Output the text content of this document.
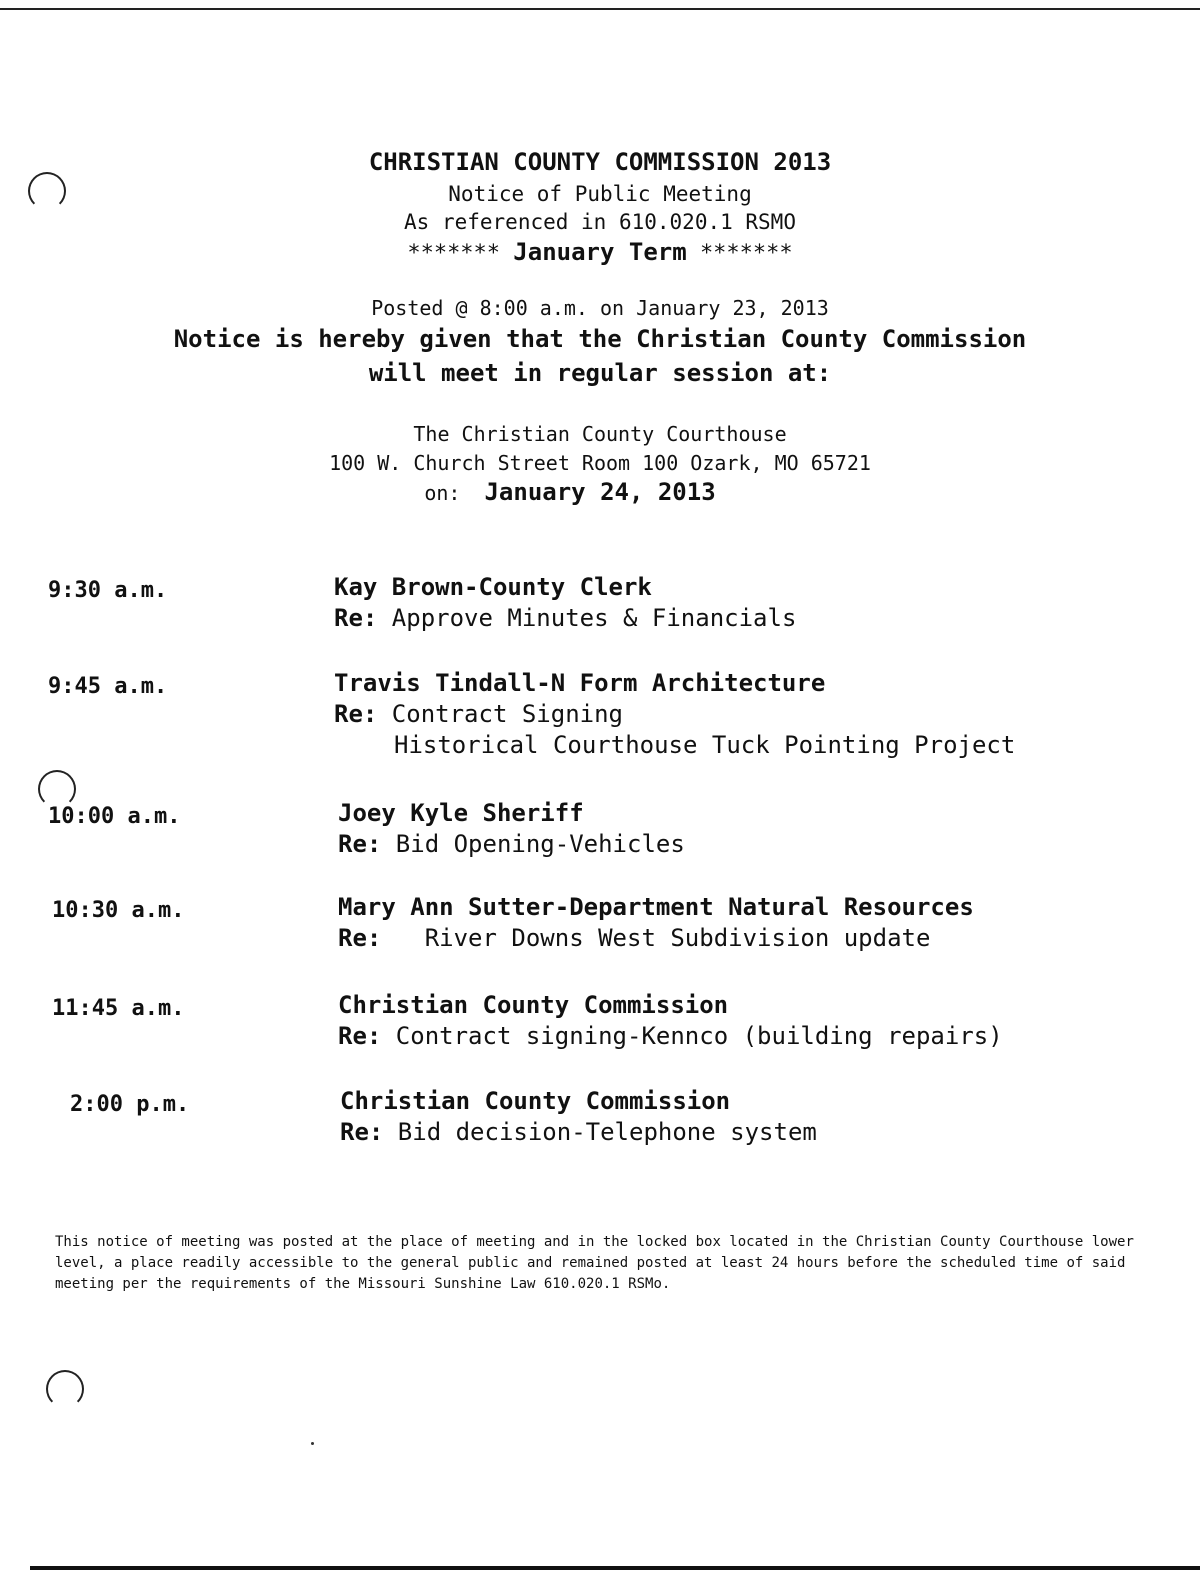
CHRISTIAN COUNTY COMMISSION 2013
Notice of Public Meeting
As referenced in 610.020.1 RSMO
******* January Term *******
Posted @ 8:00 a.m. on January 23, 2013
Notice is hereby given that the Christian County Commission
will meet in regular session at:
The Christian County Courthouse
100 W. Church Street Room 100 Ozark, MO 65721
on: January 24, 2013
9:30 a.m.	Kay Brown-County Clerk
Re: Approve Minutes & Financials
9:45 a.m.	Travis Tindall-N Form Architecture
Re: Contract Signing
Historical Courthouse Tuck Pointing Project
10:00 a.m.	Joey Kyle Sheriff
Re: Bid Opening-Vehicles
10:30 a.m.	Mary Ann Sutter-Department Natural Resources
Re:   River Downs West Subdivision update
11:45 a.m.	Christian County Commission
Re: Contract signing-Kennco (building repairs)
2:00 p.m.	Christian County Commission
Re: Bid decision-Telephone system
This notice of meeting was posted at the place of meeting and in the locked box located in the Christian County Courthouse lower level, a place readily accessible to the general public and remained posted at least 24 hours before the scheduled time of said meeting per the requirements of the Missouri Sunshine Law 610.020.1 RSMo.
